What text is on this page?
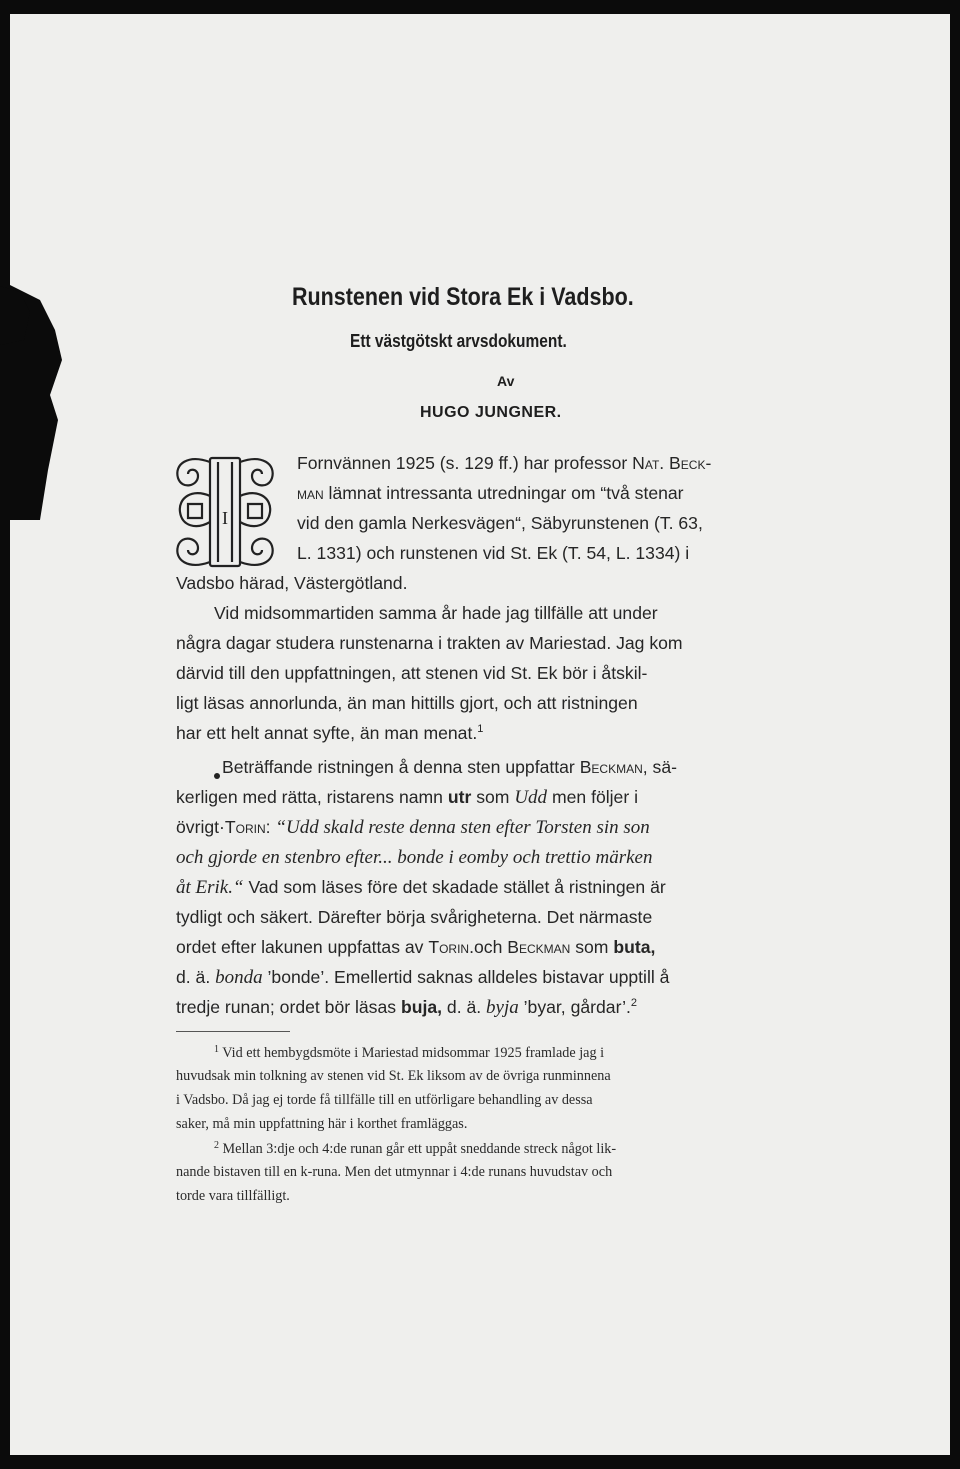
Runstenen vid Stora Ek i Vadsbo.
Ett västgötskt arvsdokument.
Av
HUGO JUNGNER.
I
Fornvännen 1925 (s. 129 ff.) har professor Nat. Beck-
man lämnat intressanta utredningar om “två stenar
vid den gamla Nerkesvägen“, Säbyrunstenen (T. 63,
L. 1331) och runstenen vid St. Ek (T. 54, L. 1334) i
Vadsbo härad, Västergötland.
Vid midsommartiden samma år hade jag tillfälle att under
några dagar studera runstenarna i trakten av Mariestad. Jag kom
därvid till den uppfattningen, att stenen vid St. Ek bör i åtskil-
ligt läsas annorlunda, än man hittills gjort, och att ristningen
har ett helt annat syfte, än man menat.$^1$
Beträffande ristningen å denna sten uppfattar Beckman, sä-
kerligen med rätta, ristarens namn utr som Udd men följer i
övrigt·Torin: “Udd skald reste denna sten efter Torsten sin son
och gjorde en stenbro efter... bonde i eomby och trettio märken
åt Erik.“ Vad som läses före det skadade stället å ristningen är
tydligt och säkert. Därefter börja svårigheterna. Det närmaste
ordet efter lakunen uppfattas av Torin.och Beckman som buta,
d. ä. bonda ’bonde’. Emellertid saknas alldeles bistavar upptill å
tredje runan; ordet bör läsas buja, d. ä. byja ’byar, gårdar’.$^2$
$^1$ Vid ett hembygdsmöte i Mariestad midsommar 1925 framlade jag i
huvudsak min tolkning av stenen vid St. Ek liksom av de övriga runminnena
i Vadsbo. Då jag ej torde få tillfälle till en utförligare behandling av dessa
saker, må min uppfattning här i korthet framläggas.
$^2$ Mellan 3:dje och 4:de runan går ett uppåt sneddande streck något lik-
nande bistaven till en k-runa. Men det utmynnar i 4:de runans huvudstav och
torde vara tillfälligt.
